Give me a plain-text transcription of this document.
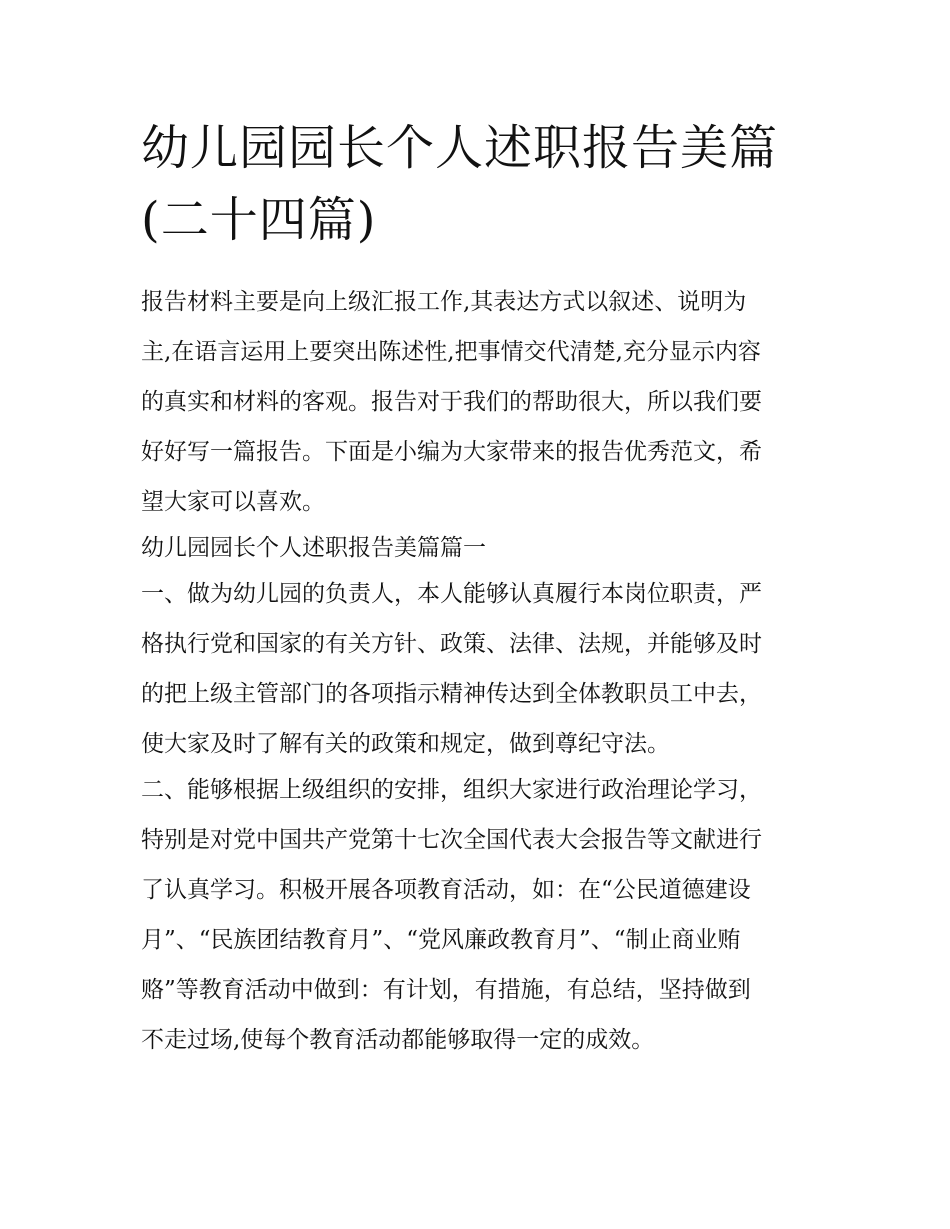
幼儿园园长个人述职报告美篇
(二十四篇)
报告材料主要是向上级汇报工作,其表达方式以叙述、说明为
主,在语言运用上要突出陈述性,把事情交代清楚,充分显示内容
的真实和材料的客观。报告对于我们的帮助很大，所以我们要
好好写一篇报告。下面是小编为大家带来的报告优秀范文，希
望大家可以喜欢。
幼儿园园长个人述职报告美篇篇一
一、做为幼儿园的负责人，本人能够认真履行本岗位职责，严
格执行党和国家的有关方针、政策、法律、法规，并能够及时
的把上级主管部门的各项指示精神传达到全体教职员工中去，
使大家及时了解有关的政策和规定，做到尊纪守法。
二、能够根据上级组织的安排，组织大家进行政治理论学习，
特别是对党中国共产党第十七次全国代表大会报告等文献进行
了认真学习。积极开展各项教育活动，如：在“公民道德建设
月”、“民族团结教育月”、“党风廉政教育月”、“制止商业贿
赂”等教育活动中做到：有计划，有措施，有总结，坚持做到
不走过场,使每个教育活动都能够取得一定的成效。
